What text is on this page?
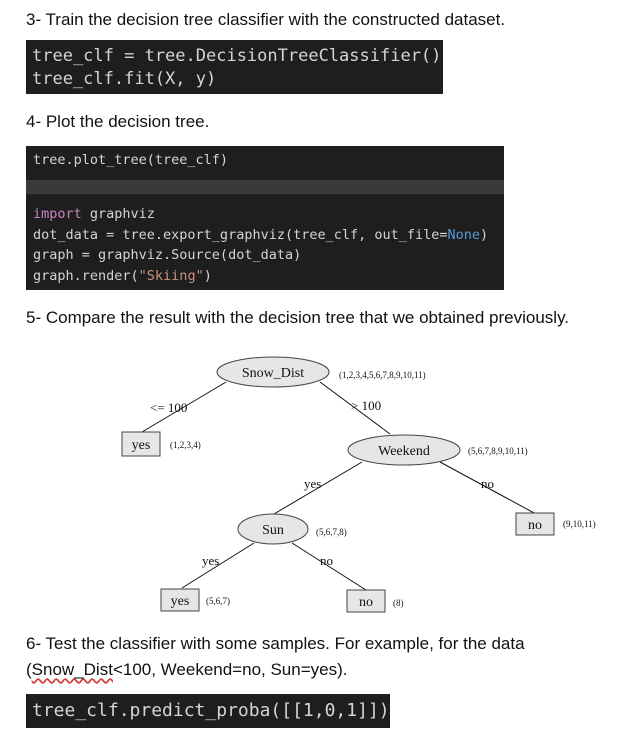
3- Train the decision tree classifier with the constructed dataset.
tree_clf = tree.DecisionTreeClassifier()
tree_clf.fit(X, y)
4- Plot the decision tree.
tree.plot_tree(tree_clf)
import graphviz
dot_data = tree.export_graphviz(tree_clf, out_file=None)
graph = graphviz.Source(dot_data)
graph.render("Skiing")
5- Compare the result with the decision tree that we obtained previously.
Snow_Dist	(1,2,3,4,5,6,7,8,9,10,11)
<= 100	> 100
yes (1,2,3,4)	Weekend	(5,6,7,8,9,10,11)
yes	no
no (9,10,11)
Sun	(5,6,7,8)
yes	no
yes (5,6,7)	no (8)
6- Test the classifier with some samples. For example, for the data
(Snow_Dist<100, Weekend=no, Sun=yes).
tree_clf.predict_proba([[1,0,1]])
